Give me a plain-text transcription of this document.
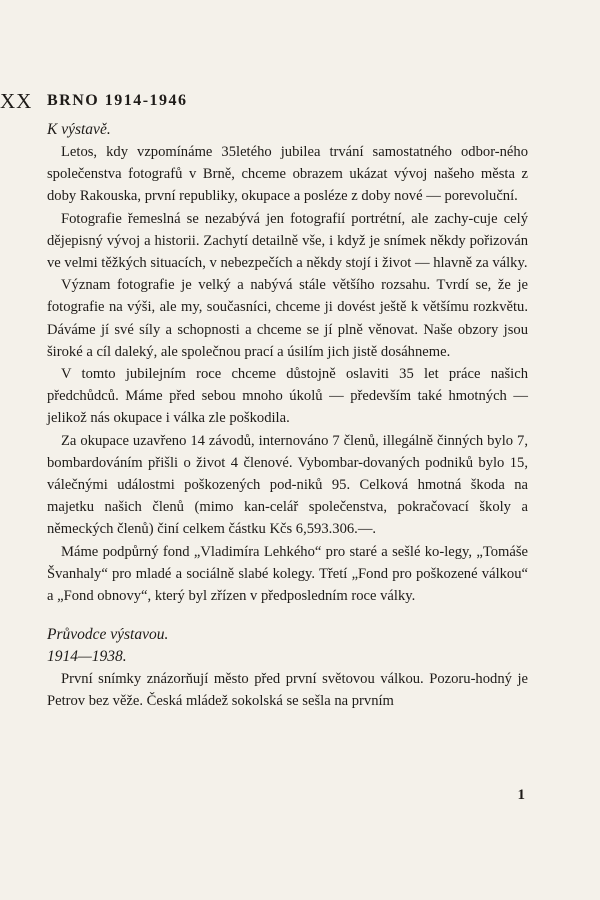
XX BRNO 1914-1946

K výstavě.

Letos, kdy vzpomínáme 35letého jubilea trvání samostatného odbor-ného společenstva fotografů v Brně, chceme obrazem ukázat vývoj našeho města z doby Rakouska, první republiky, okupace a posléze z doby nové — porevoluční.

Fotografie řemeslná se nezabývá jen fotografií portrétní, ale zachy-cuje celý dějepisný vývoj a historii. Zachytí detailně vše, i když je snímek někdy pořizován ve velmi těžkých situacích, v nebezpečích a někdy stojí i život — hlavně za války.

Význam fotografie je velký a nabývá stále většího rozsahu. Tvrdí se, že je fotografie na výši, ale my, současníci, chceme ji dovést ještě k většímu rozkvětu. Dáváme jí své síly a schopnosti a chceme se jí plně věnovat. Naše obzory jsou široké a cíl daleký, ale společnou prací a úsilím jich jistě dosáhneme.

V tomto jubilejním roce chceme důstojně oslaviti 35 let práce našich předchůdců. Máme před sebou mnoho úkolů — především také hmotných — jelikož nás okupace i válka zle poškodila.

Za okupace uzavřeno 14 závodů, internováno 7 členů, illegálně činných bylo 7, bombardováním přišli o život 4 členové. Vybombar-dovaných podniků bylo 15, válečnými událostmi poškozených pod-niků 95. Celková hmotná škoda na majetku našich členů (mimo kan-celář společenstva, pokračovací školy a německých členů) činí celkem částku Kčs 6,593.306.—.

Máme podpůrný fond „Vladimíra Lehkého“ pro staré a sešlé ko-legy, „Tomáše Švanhaly“ pro mladé a sociálně slabé kolegy. Třetí „Fond pro poškozené válkou“ a „Fond obnovy“, který byl zřízen v předposledním roce války.

Průvodce výstavou.

1914—1938.

První snímky znázorňují město před první světovou válkou. Pozoru-hodný je Petrov bez věže. Česká mládež sokolská se sešla na prvním

1
